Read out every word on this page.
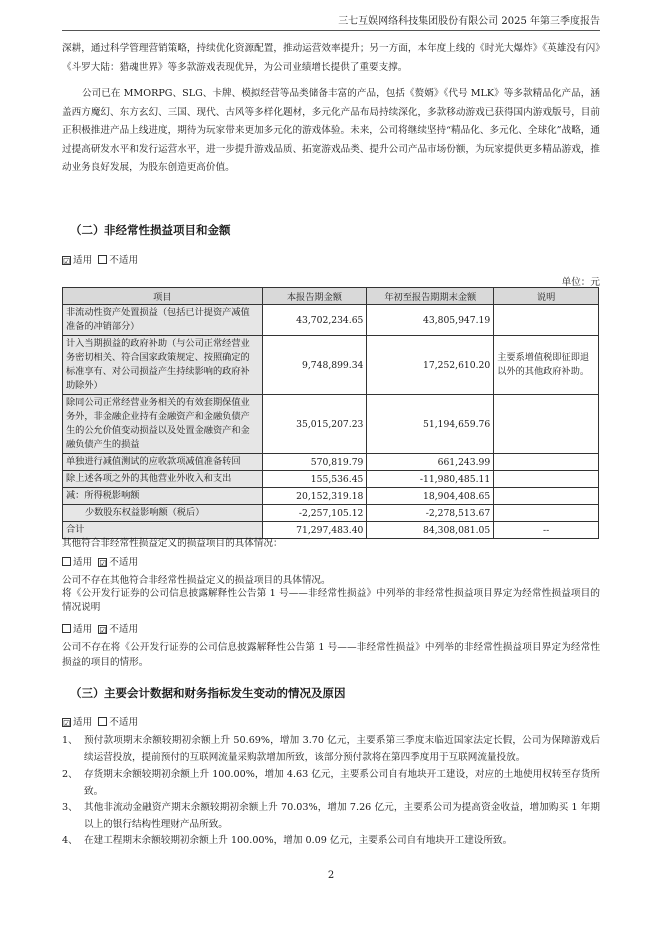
三七互娱网络科技集团股份有限公司 2025 年第三季度报告
深耕，通过科学管理营销策略，持续优化资源配置，推动运营效率提升；另一方面，本年度上线的《时光大爆炸》《英雄没有闪》《斗罗大陆：猎魂世界》等多款游戏表现优异，为公司业绩增长提供了重要支撑。
公司已在 MMORPG、SLG、卡牌、模拟经营等品类储备丰富的产品，包括《赘婿》《代号 MLK》等多款精品化产品，涵盖西方魔幻、东方玄幻、三国、现代、古风等多样化题材，多元化产品布局持续深化，多款移动游戏已获得国内游戏版号，目前正积极推进产品上线进度，期待为玩家带来更加多元化的游戏体验。未来，公司将继续坚持“精品化、多元化、全球化”战略，通过提高研发水平和发行运营水平，进一步提升游戏品质、拓宽游戏品类、提升公司产品市场份额，为玩家提供更多精品游戏，推动业务良好发展，为股东创造更高价值。
（二）非经常性损益项目和金额
☑ 适用 不适用
单位：元
项目	本报告期金额	年初至报告期期末金额	说明
非流动性资产处置损益（包括已计提资产减值准备的冲销部分）	43,702,234.65	43,805,947.19	
计入当期损益的政府补助（与公司正常经营业务密切相关、符合国家政策规定、按照确定的标准享有、对公司损益产生持续影响的政府补助除外）	9,748,899.34	17,252,610.20	主要系增值税即征即退以外的其他政府补助。
除同公司正常经营业务相关的有效套期保值业务外，非金融企业持有金融资产和金融负债产生的公允价值变动损益以及处置金融资产和金融负债产生的损益	35,015,207.23	51,194,659.76	
单独进行减值测试的应收款项减值准备转回	570,819.79	661,243.99	
除上述各项之外的其他营业外收入和支出	155,536.45	-11,980,485.11	
减：所得税影响额	20,152,319.18	18,904,408.65	
少数股东权益影响额（税后）	-2,257,105.12	-2,278,513.67	
合计	71,297,483.40	84,308,081.05	--
其他符合非经常性损益定义的损益项目的具体情况：
适用 ☑ 不适用
公司不存在其他符合非经常性损益定义的损益项目的具体情况。
将《公开发行证券的公司信息披露解释性公告第 1 号——非经常性损益》中列举的非经常性损益项目界定为经常性损益项目的情况说明
适用 ☑ 不适用
公司不存在将《公开发行证券的公司信息披露解释性公告第 1 号——非经常性损益》中列举的非经常性损益项目界定为经常性损益的项目的情形。
（三）主要会计数据和财务指标发生变动的情况及原因
☑ 适用 不适用
1、 预付款项期末余额较期初余额上升 50.69%，增加 3.70 亿元，主要系第三季度末临近国家法定长假，公司为保障游戏后续运营投放，提前预付的互联网流量采购款增加所致，该部分预付款将在第四季度用于互联网流量投放。
2、 存货期末余额较期初余额上升 100.00%，增加 4.63 亿元，主要系公司自有地块开工建设，对应的土地使用权转至存货所致。
3、 其他非流动金融资产期末余额较期初余额上升 70.03%，增加 7.26 亿元，主要系公司为提高资金收益，增加购买 1 年期以上的银行结构性理财产品所致。
4、 在建工程期末余额较期初余额上升 100.00%，增加 0.09 亿元，主要系公司自有地块开工建设所致。
2
